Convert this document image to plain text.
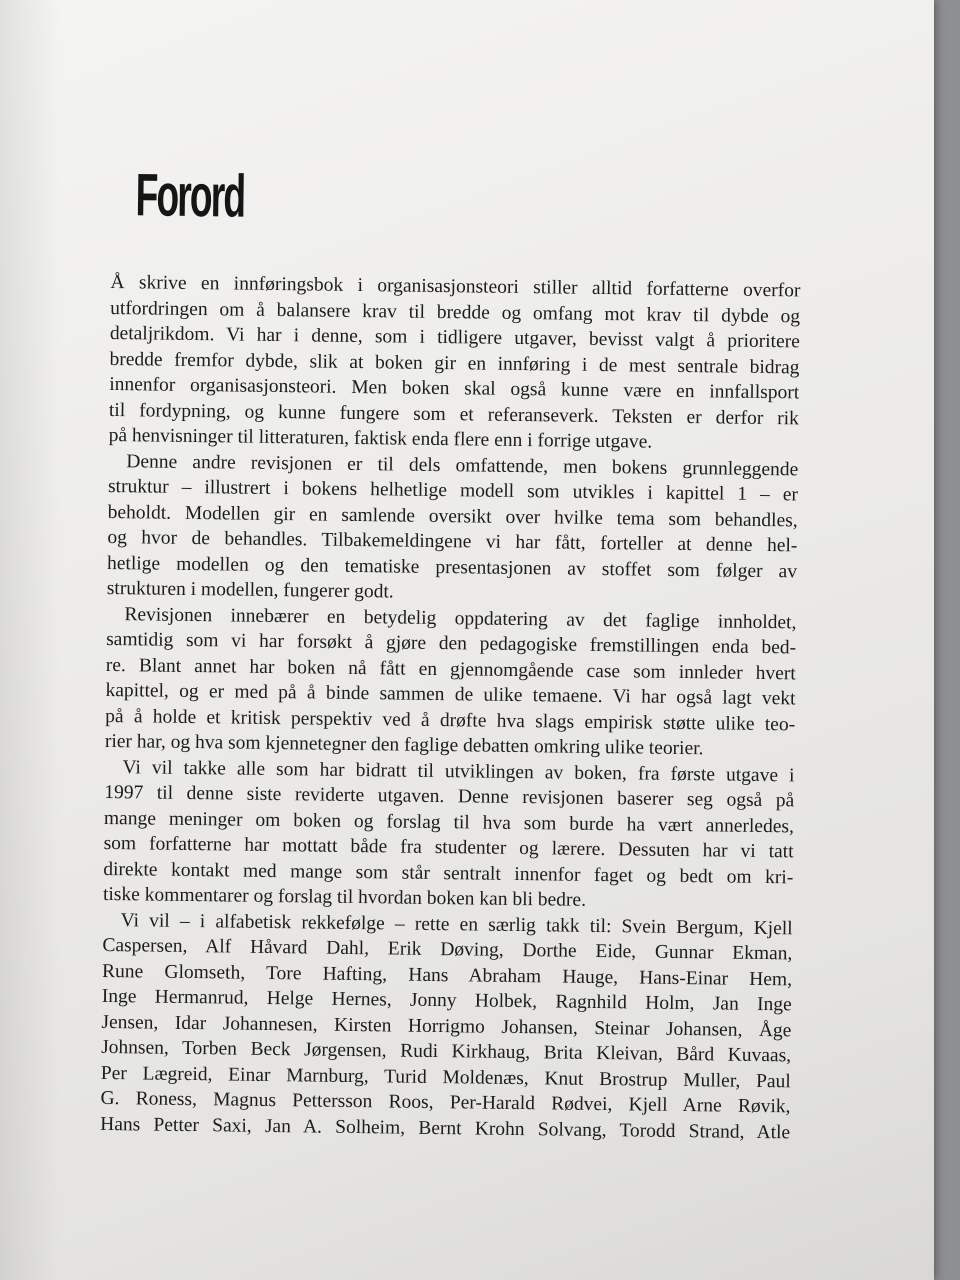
Forord
Å skrive en innføringsbok i organisasjonsteori stiller alltid forfatterne overfor
utfordringen om å balansere krav til bredde og omfang mot krav til dybde og
detaljrikdom. Vi har i denne, som i tidligere utgaver, bevisst valgt å prioritere
bredde fremfor dybde, slik at boken gir en innføring i de mest sentrale bidrag
innenfor organisasjonsteori. Men boken skal også kunne være en innfallsport
til fordypning, og kunne fungere som et referanseverk. Teksten er derfor rik
på henvisninger til litteraturen, faktisk enda flere enn i forrige utgave.
Denne andre revisjonen er til dels omfattende, men bokens grunnleggende
struktur – illustrert i bokens helhetlige modell som utvikles i kapittel 1 – er
beholdt. Modellen gir en samlende oversikt over hvilke tema som behandles,
og hvor de behandles. Tilbakemeldingene vi har fått, forteller at denne hel-
hetlige modellen og den tematiske presentasjonen av stoffet som følger av
strukturen i modellen, fungerer godt.
Revisjonen innebærer en betydelig oppdatering av det faglige innholdet,
samtidig som vi har forsøkt å gjøre den pedagogiske fremstillingen enda bed-
re. Blant annet har boken nå fått en gjennomgående case som innleder hvert
kapittel, og er med på å binde sammen de ulike temaene. Vi har også lagt vekt
på å holde et kritisk perspektiv ved å drøfte hva slags empirisk støtte ulike teo-
rier har, og hva som kjennetegner den faglige debatten omkring ulike teorier.
Vi vil takke alle som har bidratt til utviklingen av boken, fra første utgave i
1997 til denne siste reviderte utgaven. Denne revisjonen baserer seg også på
mange meninger om boken og forslag til hva som burde ha vært annerledes,
som forfatterne har mottatt både fra studenter og lærere. Dessuten har vi tatt
direkte kontakt med mange som står sentralt innenfor faget og bedt om kri-
tiske kommentarer og forslag til hvordan boken kan bli bedre.
Vi vil – i alfabetisk rekkefølge – rette en særlig takk til: Svein Bergum, Kjell
Caspersen, Alf Håvard Dahl, Erik Døving, Dorthe Eide, Gunnar Ekman,
Rune Glomseth, Tore Hafting, Hans Abraham Hauge, Hans-Einar Hem,
Inge Hermanrud, Helge Hernes, Jonny Holbek, Ragnhild Holm, Jan Inge
Jensen, Idar Johannesen, Kirsten Horrigmo Johansen, Steinar Johansen, Åge
Johnsen, Torben Beck Jørgensen, Rudi Kirkhaug, Brita Kleivan, Bård Kuvaas,
Per Lægreid, Einar Marnburg, Turid Moldenæs, Knut Brostrup Muller, Paul
G. Roness, Magnus Pettersson Roos, Per-Harald Rødvei, Kjell Arne Røvik,
Hans Petter Saxi, Jan A. Solheim, Bernt Krohn Solvang, Torodd Strand, Atle
